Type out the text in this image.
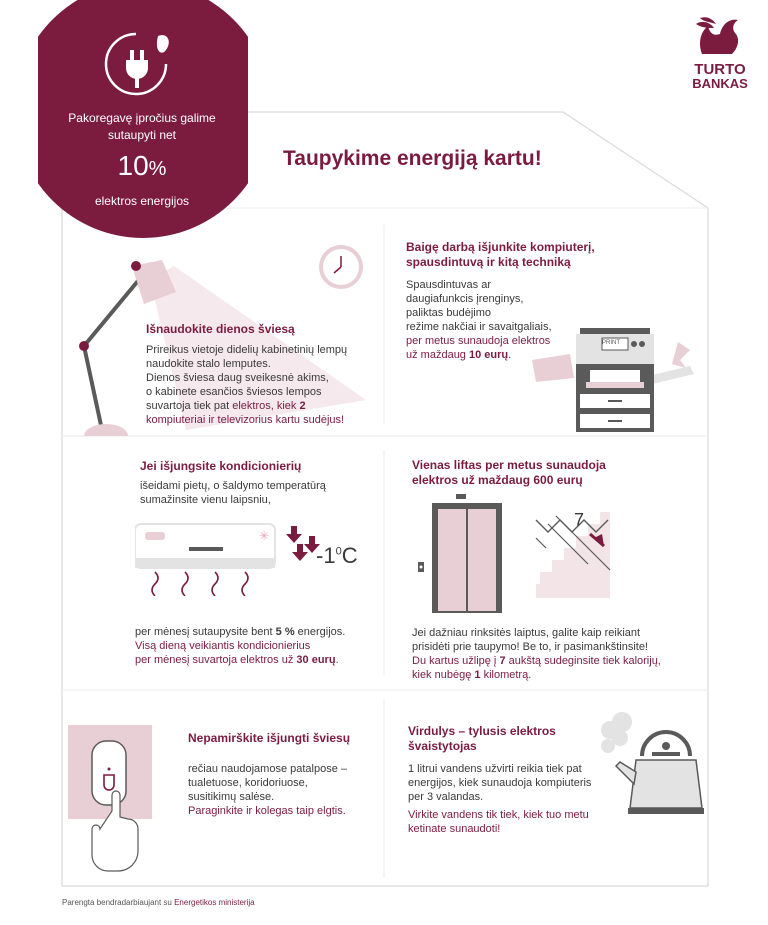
Pakoregavę įpročius galime
sutaupyti net
10%
elektros energijos
TURTO
BANKAS
Taupykime energiją kartu!
Išnaudokite dienos šviesą
Prireikus vietoje didelių kabinetinių lempų
naudokite stalo lemputes.
Dienos šviesa daug sveikesnė akims,
o kabinete esančios šviesos lempos
suvartoja tiek pat elektros, kiek 2
kompiuteriai ir televizorius kartu sudėjus!
Baigę darbą išjunkite kompiuterį,
spausdintuvą ir kitą techniką
Spausdintuvas ar
daugiafunkcis įrenginys,
paliktas budėjimo
režime nakčiai ir savaitgaliais,
per metus sunaudoja elektros
už maždaug 10 eurų.
PRINT
Jei išjungsite kondicionierių
išeidami pietų, o šaldymo temperatūrą
sumažinsite vienu laipsniu,
✳
$-1^0C$
per mėnesį sutaupysite bent 5 % energijos.
Visą dieną veikiantis kondicionierius
per mėnesį suvartoja elektros už 30 eurų.
Vienas liftas per metus sunaudoja
elektros už maždaug 600 eurų
7
Jei dažniau rinksitės laiptus, galite kaip reikiant
prisidėti prie taupymo! Be to, ir pasimankštinsite!
Du kartus užlipę į 7 aukštą sudeginsite tiek kalorijų,
kiek nubėgę 1 kilometrą.
Nepamirškite išjungti šviesų
rečiau naudojamose patalpose –
tualetuose, koridoriuose,
susitikimų salėse.
Paraginkite ir kolegas taip elgtis.
Virdulys – tylusis elektros
švaistytojas
1 litrui vandens užvirti reikia tiek pat
energijos, kiek sunaudoja kompiuteris
per 3 valandas.
Virkite vandens tik tiek, kiek tuo metu
ketinate sunaudoti!
Parengta bendradarbiaujant su Energetikos ministerija
